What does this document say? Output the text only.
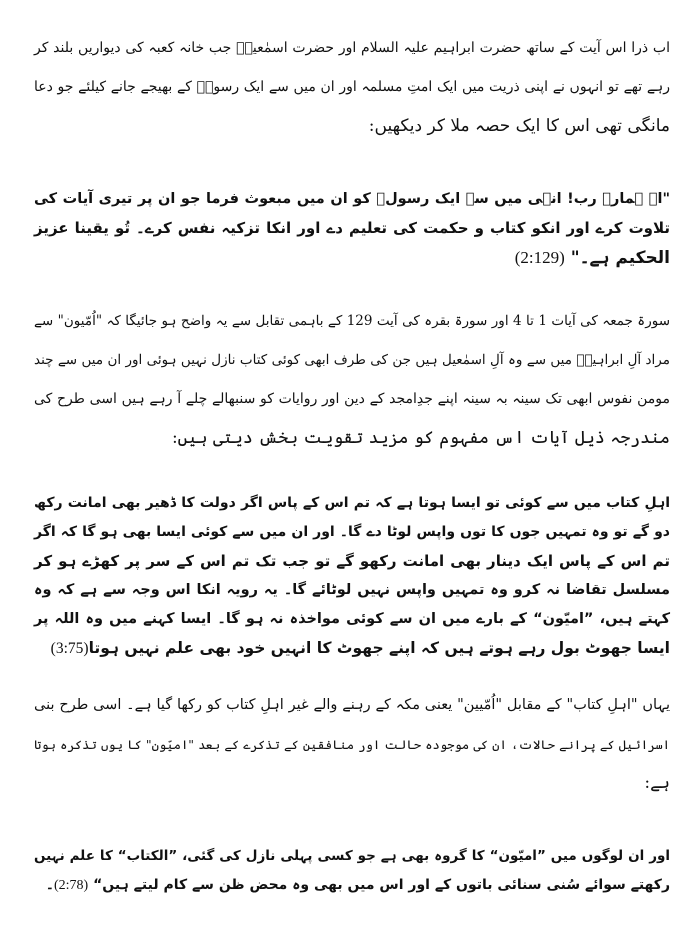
اب ذرا اس آیت کے ساتھ حضرت ابراہیم علیہ السلام اور حضرت اسمٰعیلؑ جب خانہ کعبہ کی دیواریں بلند کر
رہے تھے تو انہوں نے اپنی ذریت میں ایک امتِ مسلمہ اور ان میں سے ایک رسولؑ کے بھیجے جانے کیلئے جو دعا
مانگی تھی اس کا ایک حصہ ملا کر دیکھیں:
"اے ہمارے رب! انہی میں سے ایک رسولؐ کو ان میں مبعوث فرما جو ان پر تیری آیات کی
تلاوت کرے اور انکو کتاب و حکمت کی تعلیم دے اور انکا تزکیہ نفس کرے۔ تُو یقینا عزیز
الحکیم ہے۔" (2:129)
سورۃ جمعہ کی آیات 1 تا 4 اور سورۃ بقرہ کی آیت 129 کے باہمی تقابل سے یہ واضح ہو جائیگا کہ "اُمّیون" سے
مراد آلِ ابراہیمؑ میں سے وہ آلِ اسمٰعیل ہیں جن کی طرف ابھی کوئی کتاب نازل نہیں ہوئی اور ان میں سے چند
مومن نفوس ابھی تک سینہ بہ سینہ اپنے جدِامجد کے دین اور روایات کو سنبھالے چلے آ رہے ہیں اسی طرح کی
مندرجہ ذیل آیات اس مفہوم کو مزید تقویت بخش دیتی ہیں:
اہلِ کتاب میں سے کوئی تو ایسا ہوتا ہے کہ تم اس کے پاس اگر دولت کا ڈھیر بھی امانت رکھ
دو گے تو وہ تمہیں جوں کا توں واپس لوٹا دے گا۔ اور ان میں سے کوئی ایسا بھی ہو گا کہ اگر
تم اس کے پاس ایک دینار بھی امانت رکھو گے تو جب تک تم اس کے سر پر کھڑے ہو کر
مسلسل تقاضا نہ کرو وہ تمہیں واپس نہیں لوٹائے گا۔ یہ رویہ انکا اس وجہ سے ہے کہ وہ
کہتے ہیں، ”امیّون“ کے بارے میں ان سے کوئی مواخذہ نہ ہو گا۔ ایسا کہنے میں وہ اللہ پر
ایسا جھوٹ بول رہے ہوتے ہیں کہ اپنے جھوٹ کا انہیں خود بھی علم نہیں ہوتا(3:75)
یہاں "اہلِ کتاب" کے مقابل "اُمّیین" یعنی مکہ کے رہنے والے غیر اہلِ کتاب کو رکھا گیا ہے۔ اسی طرح بنی
اسرائیل کے پرانے حالات، ان کی موجودہ حالت اور منافقین کے تذکرے کے بعد "امیّون" کا یوں تذکرہ ہوتا
ہے:
اور ان لوگوں میں ”امیّون“ کا گروہ بھی ہے جو کسی پہلی نازل کی گئی، ”الکتاب“ کا علم نہیں
رکھتے سوائے سُنی سنائی باتوں کے اور اس میں بھی وہ محض ظن سے کام لیتے ہیں“ (2:78)۔
